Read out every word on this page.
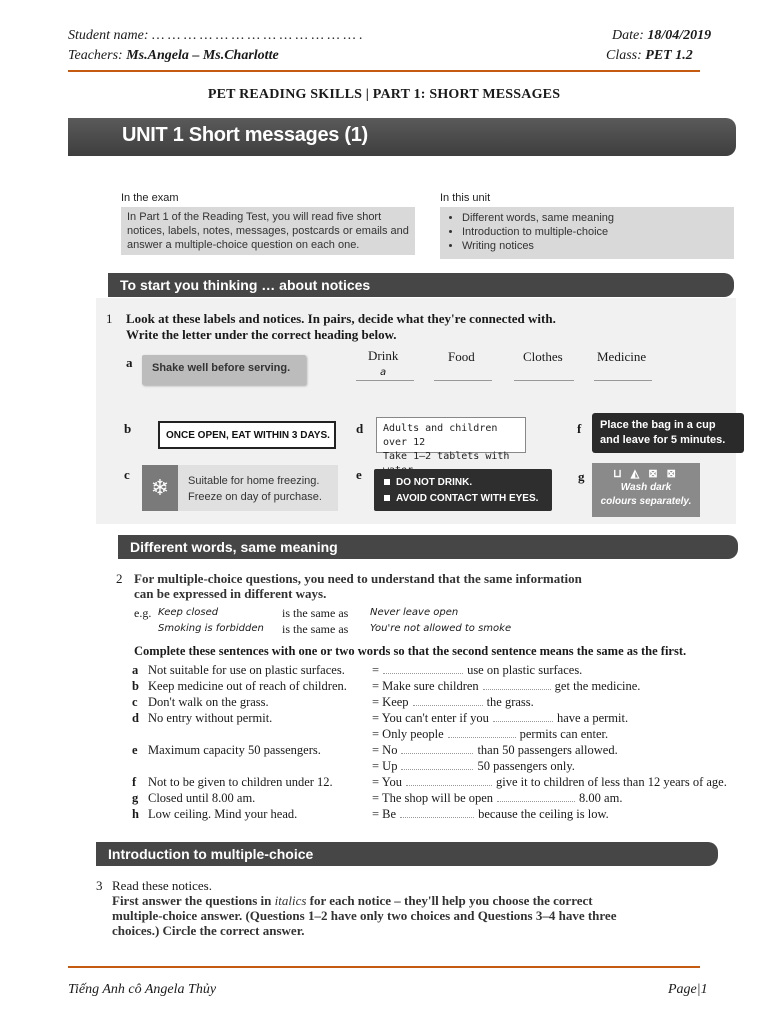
Student name: … … … … … … … … … … … … … .	Date: 18/04/2019
Teachers: Ms.Angela – Ms.Charlotte	Class: PET 1.2
PET READING SKILLS | PART 1: SHORT MESSAGES
UNIT 1 Short messages (1)
In the exam
In Part 1 of the Reading Test, you will read five short notices, labels, notes, messages, postcards or emails and answer a multiple-choice question on each one.
In this unit
• Different words, same meaning
• Introduction to multiple-choice
• Writing notices
To start you thinking … about notices
1 Look at these labels and notices. In pairs, decide what they're connected with.
Write the letter under the correct heading below.
Drink	Food	Clothes	Medicine
a
a	Shake well before serving.
b	ONCE OPEN, EAT WITHIN 3 DAYS.	d Adults and children over 12
Take 1–2 tablets with
f Place the bag in a cup
and leave for 5 minutes.
c
❄	Suitable for home freezing.
Freeze on day of purchase.
e
DO NOT DRINK.
AVOID CONTACT WITH EYES.
g	⊔ ◭ ⊠ ⊠
Wash dark
colours separately.
Different words, same meaning
2 For multiple-choice questions, you need to understand that the same information
can be expressed in different ways.
e.g. Keep closed	is the same as Never leave open
Smoking is forbidden is the same as You're not allowed to smoke
Complete these sentences with one or two words so that the second sentence means the same as the first.
a Not suitable for use on plastic surfaces. =	use on plastic surfaces.
b Keep medicine out of reach of children. = Make sure children	get the medicine.
c Don't walk on the grass.	= Keep	the grass.
d No entry without permit.	= You can't enter if you	have a permit.
= Only people	permits can enter.
e Maximum capacity 50 passengers.	= No	than 50 passengers allowed.
= Up	50 passengers only.
f Not to be given to children under 12.	= You	give it to children of less than 12 years of age.
g Closed until 8.00 am.	= The shop will be open	8.00 am.
h Low ceiling. Mind your head.	= Be	because the ceiling is low.
Introduction to multiple-choice
3 Read these notices.
First answer the questions in italics for each notice – they'll help you choose the correct
multiple-choice answer. (Questions 1–2 have only two choices and Questions 3–4 have three
choices.) Circle the correct answer.
Tiếng Anh cô Angela Thủy	Page|1
